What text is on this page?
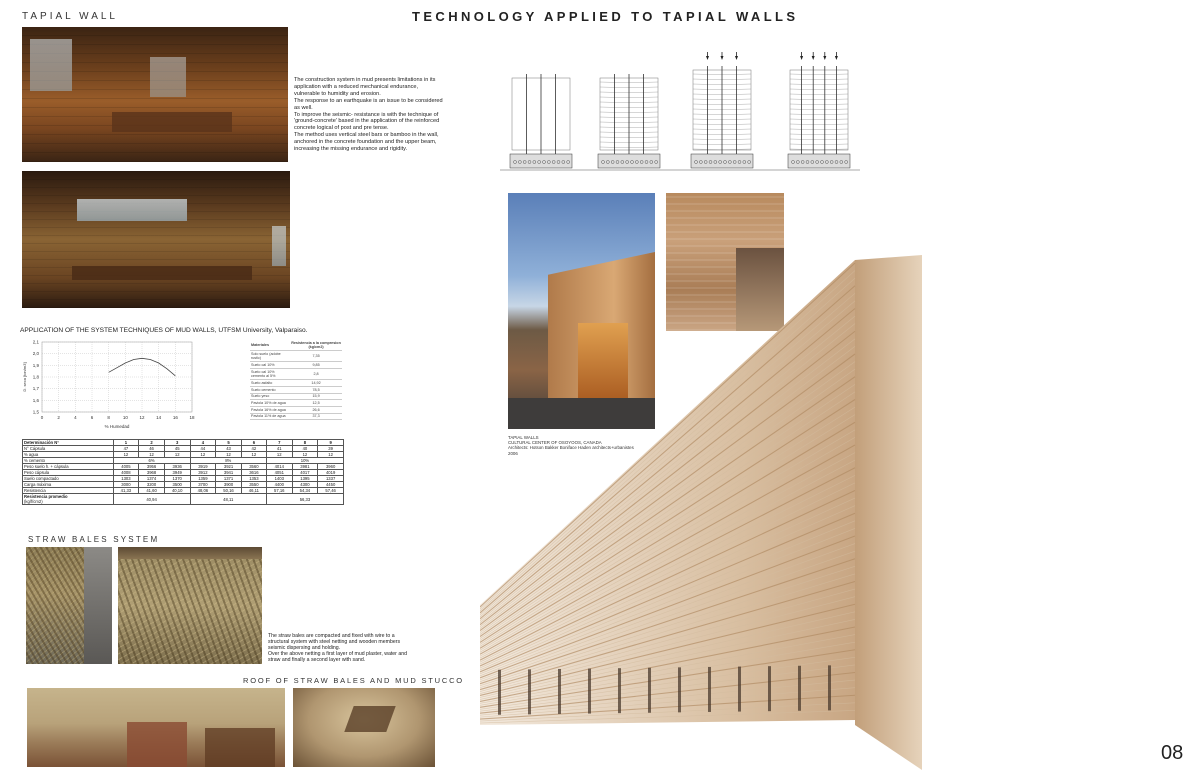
TAPIAL WALL	TECHNOLOGY APPLIED TO TAPIAL WALLS
The construction system in mud presents limitations in its
application with a reduced mechanical endurance,
vulnerable to humidity and erosion.
The response to an earthquake is an issue to be considered
as well.
To improve the seismic- resistance is with the technique of
'ground-concrete' based in the application of the reinforced
concrete logical of post and pre tense.
The method uses vertical steel bars or bamboo in the wall,
anchored in the concrete foundation and the upper beam,
increasing the missing endurance and rigidity.
APPLICATION OF THE SYSTEM TECHNIQUES OF MUD WALLS, UTFSM University, Valparaiso.
0	2	4	6	8	10	12	14	16	18
1,5
1,6
1,7
1,8
1,9
2,0
2,1
% Humedad
D. seca [ton/m3]
Materiales	Resistencia a la compresion (kg/cm2)
Solo suelo (adobe rustic)	7,35
Suelo cal 10%	9,85
Suelo cal 10% cemento al 5%	2,8
Suelo asfalto	14,92
Suelo cemento	78,5
Suelo yeso	15,9
Paviola 10% de agua	12,5
Paviola 16% de agua	26,6
Paviola 11% de agua	37,3
Determinación N°	1	2	3	4	5	6	7	8	9
N° Cápsula	47	46	45	44	43	42	41	40	39
% agua	12	12	12	12	12	12	12	12	12
% cemento	6%			8%			10%		
Peso suelo h. + cápsula	4005	3956	3936	3919	3921	3560	4014	3981	3960
Peso cápsula	4008	3968	3949	3912	3941	3616	4051	4017	4019
Suelo compactado	1303	1374	1370	1359	1371	1353	1403	1395	1337
Carga máxima	3000	3200	3500	3700	3900	3550	4400	4300	4450
Resistencia	41,33	41,60	40,10	48,06	50,16	46,11	57,16	54,34	57,46

Resistencia promedio
(kg/f/cm2)	40,94			48,11			56,33		
STRAW BALES SYSTEM
The straw bales are compacted and fixed with wire to a
structural system with steel netting and wooden members
seismic dispersing and holding.
Over the above netting a first layer of mud plaster, water and
straw and finally a second layer with sand.
ROOF OF STRAW BALES AND MUD STUCCO
TAPIAL WALLS
CULTURAL CENTER OF OSOYOOS, CANADA
Architects: Hotson Bakker Boniface Haden architects+urbanistes
2006
08
